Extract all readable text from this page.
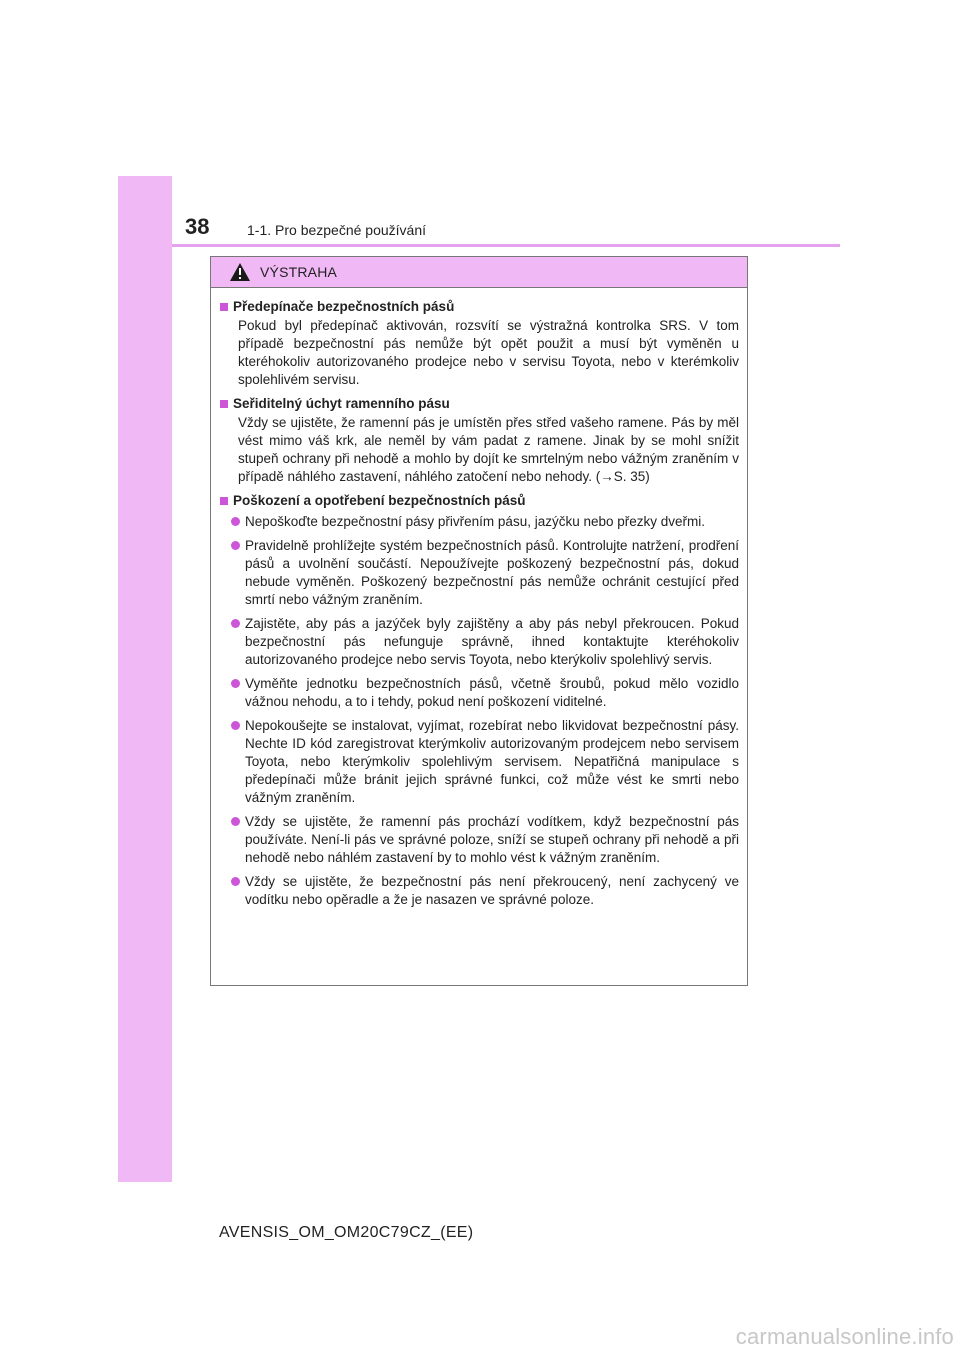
38	1-1. Pro bezpečné používání
VÝSTRAHA
Předepínače bezpečnostních pásů
Pokud byl předepínač aktivován, rozsvítí se výstražná kontrolka SRS. V tom případě bezpečnostní pás nemůže být opět použit a musí být vyměněn u kteréhokoliv autorizovaného prodejce nebo v servisu Toyota, nebo v kterémkoliv spolehlivém servisu.
Seřiditelný úchyt ramenního pásu
Vždy se ujistěte, že ramenní pás je umístěn přes střed vašeho ramene. Pás by měl vést mimo váš krk, ale neměl by vám padat z ramene. Jinak by se mohl snížit stupeň ochrany při nehodě a mohlo by dojít ke smrtelným nebo vážným zraněním v případě náhlého zastavení, náhlého zatočení nebo nehody. (→S. 35)
Poškození a opotřebení bezpečnostních pásů
Nepoškoďte bezpečnostní pásy přivřením pásu, jazýčku nebo přezky dveřmi.
Pravidelně prohlížejte systém bezpečnostních pásů. Kontrolujte natržení, prodření pásů a uvolnění součástí. Nepoužívejte poškozený bezpečnostní pás, dokud nebude vyměněn. Poškozený bezpečnostní pás nemůže ochránit cestující před smrtí nebo vážným zraněním.
Zajistěte, aby pás a jazýček byly zajištěny a aby pás nebyl překroucen. Pokud bezpečnostní pás nefunguje správně, ihned kontaktujte kteréhokoliv autorizovaného prodejce nebo servis Toyota, nebo kterýkoliv spolehlivý servis.
Vyměňte jednotku bezpečnostních pásů, včetně šroubů, pokud mělo vozidlo vážnou nehodu, a to i tehdy, pokud není poškození viditelné.
Nepokoušejte se instalovat, vyjímat, rozebírat nebo likvidovat bezpečnostní pásy. Nechte ID kód zaregistrovat kterýmkoliv autorizovaným prodejcem nebo servisem Toyota, nebo kterýmkoliv spolehlivým servisem. Nepatřičná manipulace s předepínači může bránit jejich správné funkci, což může vést ke smrti nebo vážným zraněním.
Vždy se ujistěte, že ramenní pás prochází vodítkem, když bezpečnostní pás používáte. Není-li pás ve správné poloze, sníží se stupeň ochrany při nehodě a při nehodě nebo náhlém zastavení by to mohlo vést k vážným zraněním.
Vždy se ujistěte, že bezpečnostní pás není překroucený, není zachycený ve vodítku nebo opěradle a že je nasazen ve správné poloze.
AVENSIS_OM_OM20C79CZ_(EE)
carmanualsonline.info
